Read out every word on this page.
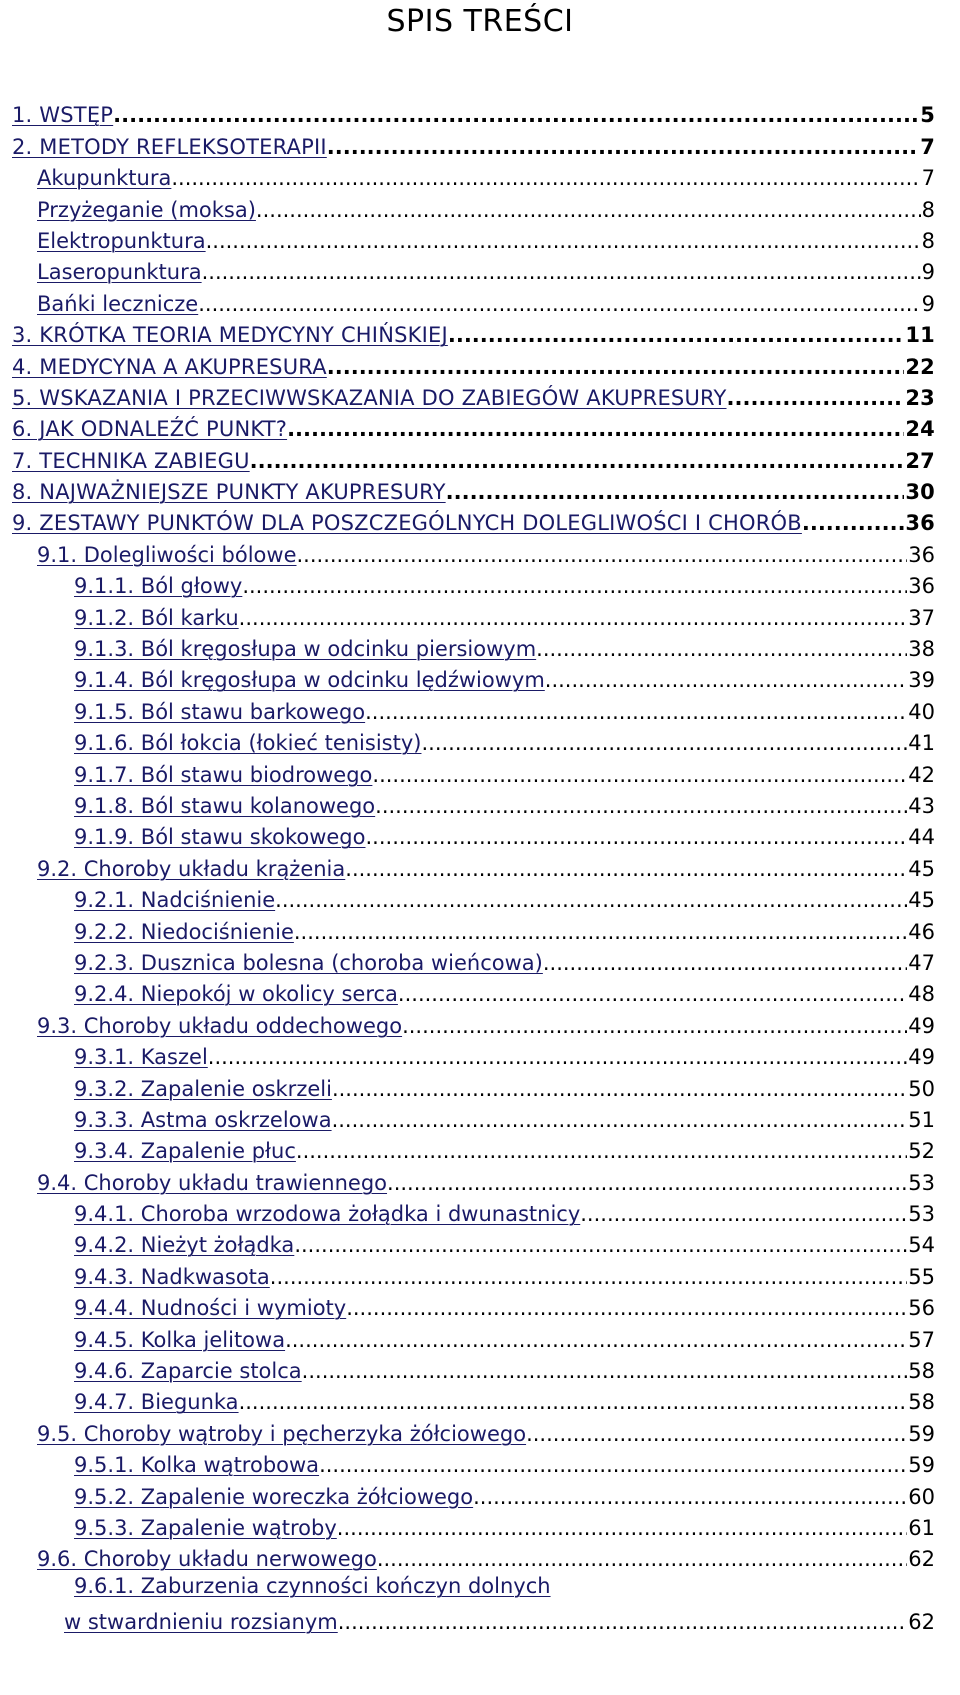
SPIS TREŚCI
1. WSTĘP .....	5
2. METODY REFLEKSOTERAPII .....	7
Akupunktura .....	7
Przyżeganie (moksa) .....	8
Elektropunktura .....	8
Laseropunktura .....	9
Bańki lecznicze .....	9
3. KRÓTKA TEORIA MEDYCYNY CHIŃSKIEJ .....	11
4. MEDYCYNA A AKUPRESURA .....	22
5. WSKAZANIA I PRZECIWWSKAZANIA DO ZABIEGÓW AKUPRESURY .....	23
6. JAK ODNALEŹĆ PUNKT? .....	24
7. TECHNIKA ZABIEGU .....	27
8. NAJWAŻNIEJSZE PUNKTY AKUPRESURY .....	30
9. ZESTAWY PUNKTÓW DLA POSZCZEGÓLNYCH DOLEGLIWOŚCI I CHORÓB .....	36
9.1. Dolegliwości bólowe .....	36
9.1.1. Ból głowy .....	36
9.1.2. Ból karku .....	37
9.1.3. Ból kręgosłupa w odcinku piersiowym .....	38
9.1.4. Ból kręgosłupa w odcinku lędźwiowym .....	39
9.1.5. Ból stawu barkowego .....	40
9.1.6. Ból łokcia (łokieć tenisisty) .....	41
9.1.7. Ból stawu biodrowego .....	42
9.1.8. Ból stawu kolanowego .....	43
9.1.9. Ból stawu skokowego .....	44
9.2. Choroby układu krążenia .....	45
9.2.1. Nadciśnienie .....	45
9.2.2. Niedociśnienie .....	46
9.2.3. Dusznica bolesna (choroba wieńcowa) .....	47
9.2.4. Niepokój w okolicy serca .....	48
9.3. Choroby układu oddechowego .....	49
9.3.1. Kaszel .....	49
9.3.2. Zapalenie oskrzeli .....	50
9.3.3. Astma oskrzelowa .....	51
9.3.4. Zapalenie płuc .....	52
9.4. Choroby układu trawiennego .....	53
9.4.1. Choroba wrzodowa żołądka i dwunastnicy .....	53
9.4.2. Nieżyt żołądka .....	54
9.4.3. Nadkwasota .....	55
9.4.4. Nudności i wymioty .....	56
9.4.5. Kolka jelitowa .....	57
9.4.6. Zaparcie stolca .....	58
9.4.7. Biegunka .....	58
9.5. Choroby wątroby i pęcherzyka żółciowego .....	59
9.5.1. Kolka wątrobowa .....	59
9.5.2. Zapalenie woreczka żółciowego .....	60
9.5.3. Zapalenie wątroby .....	61
9.6. Choroby układu nerwowego .....	62
9.6.1. Zaburzenia czynności kończyn dolnych
w stwardnieniu rozsianym .....	62
